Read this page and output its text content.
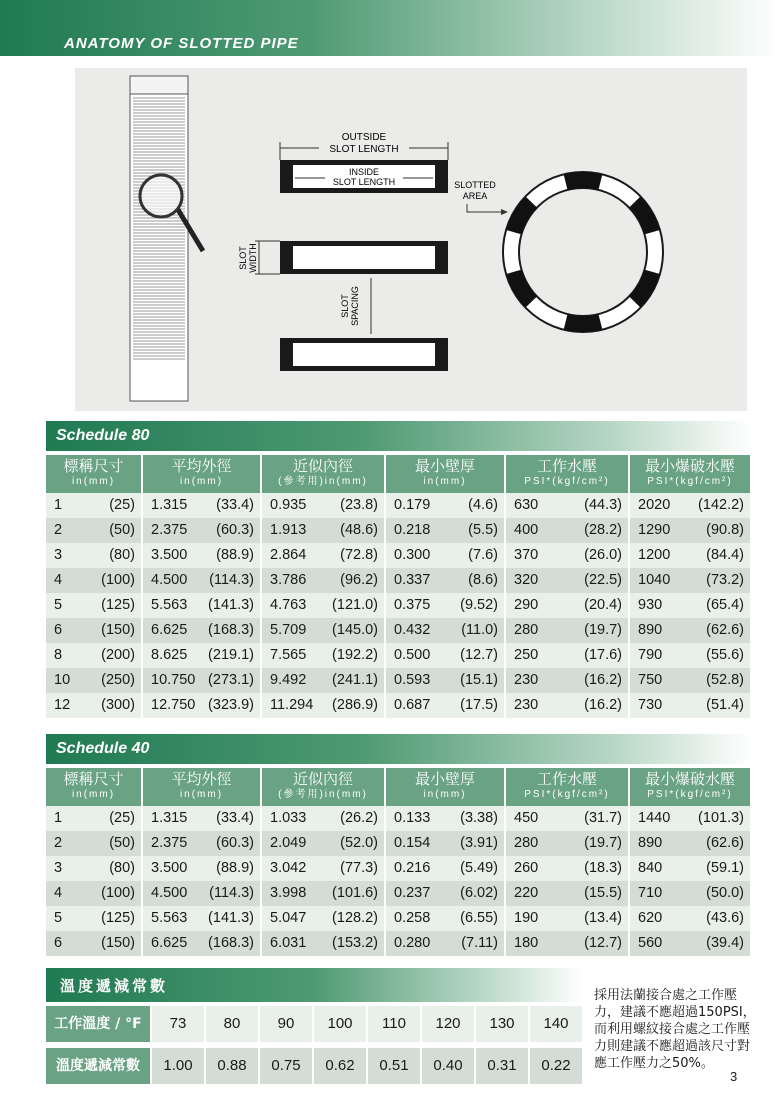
ANATOMY OF SLOTTED PIPE
OUTSIDE
SLOT LENGTH
INSIDE
SLOT LENGTH	SLOTTED
AREA
SLOT WIDTH
SLOT SPACING
Schedule 80
標稱尺寸
in(mm)
平均外徑
in(mm)
近似內徑
(參考用)in(mm)
最小壁厚
in(mm)
工作水壓
PSI*(kgf/cm²)
最小爆破水壓
PSI*(kgf/cm²)
1	(25) 1.315 (33.4) 0.935 (23.8) 0.179	(4.6) 630	(44.3) 2020 (142.2)
2	(50) 2.375 (60.3) 1.913 (48.6) 0.218	(5.5) 400	(28.2) 1290 (90.8)
3	(80) 3.500 (88.9) 2.864 (72.8) 0.300	(7.6) 370	(26.0) 1200 (84.4)
4	(100) 4.500 (114.3) 3.786 (96.2) 0.337	(8.6) 320	(22.5) 1040 (73.2)
5	(125) 5.563 (141.3) 4.763 (121.0) 0.375 (9.52) 290	(20.4) 930	(65.4)
6	(150) 6.625 (168.3) 5.709 (145.0) 0.432 (11.0) 280	(19.7) 890	(62.6)
8	(200) 8.625 (219.1) 7.565 (192.2) 0.500 (12.7) 250	(17.6) 790	(55.6)
10 (250) 10.750 (273.1) 9.492 (241.1) 0.593 (15.1) 230	(16.2) 750	(52.8)
12 (300) 12.750 (323.9) 11.294 (286.9) 0.687 (17.5) 230	(16.2) 730	(51.4)
Schedule 40
標稱尺寸
in(mm)
平均外徑
in(mm)
近似內徑
(參考用)in(mm)
最小壁厚
in(mm)
工作水壓
PSI*(kgf/cm²)
最小爆破水壓
PSI*(kgf/cm²)
1	(25) 1.315 (33.4) 1.033 (26.2) 0.133 (3.38) 450	(31.7) 1440 (101.3)
2	(50) 2.375 (60.3) 2.049 (52.0) 0.154 (3.91) 280	(19.7) 890	(62.6)
3	(80) 3.500 (88.9) 3.042 (77.3) 0.216 (5.49) 260	(18.3) 840	(59.1)
4	(100) 4.500 (114.3) 3.998 (101.6) 0.237 (6.02) 220	(15.5) 710	(50.0)
5	(125) 5.563 (141.3) 5.047 (128.2) 0.258 (6.55) 190	(13.4) 620	(43.6)
6	(150) 6.625 (168.3) 6.031 (153.2) 0.280 (7.11) 180	(12.7) 560	(39.4)
溫度遞減常數
工作溫度 / °F	73	80	90	100	110	120	130	140
溫度遞減常數	1.00	0.88	0.75	0.62	0.51	0.40	0.31	0.22
採用法蘭接合處之工作壓力，建議不應超過150PSI，而利用螺紋接合處之工作壓力則建議不應超過該尺寸對應工作壓力之50%。
3
